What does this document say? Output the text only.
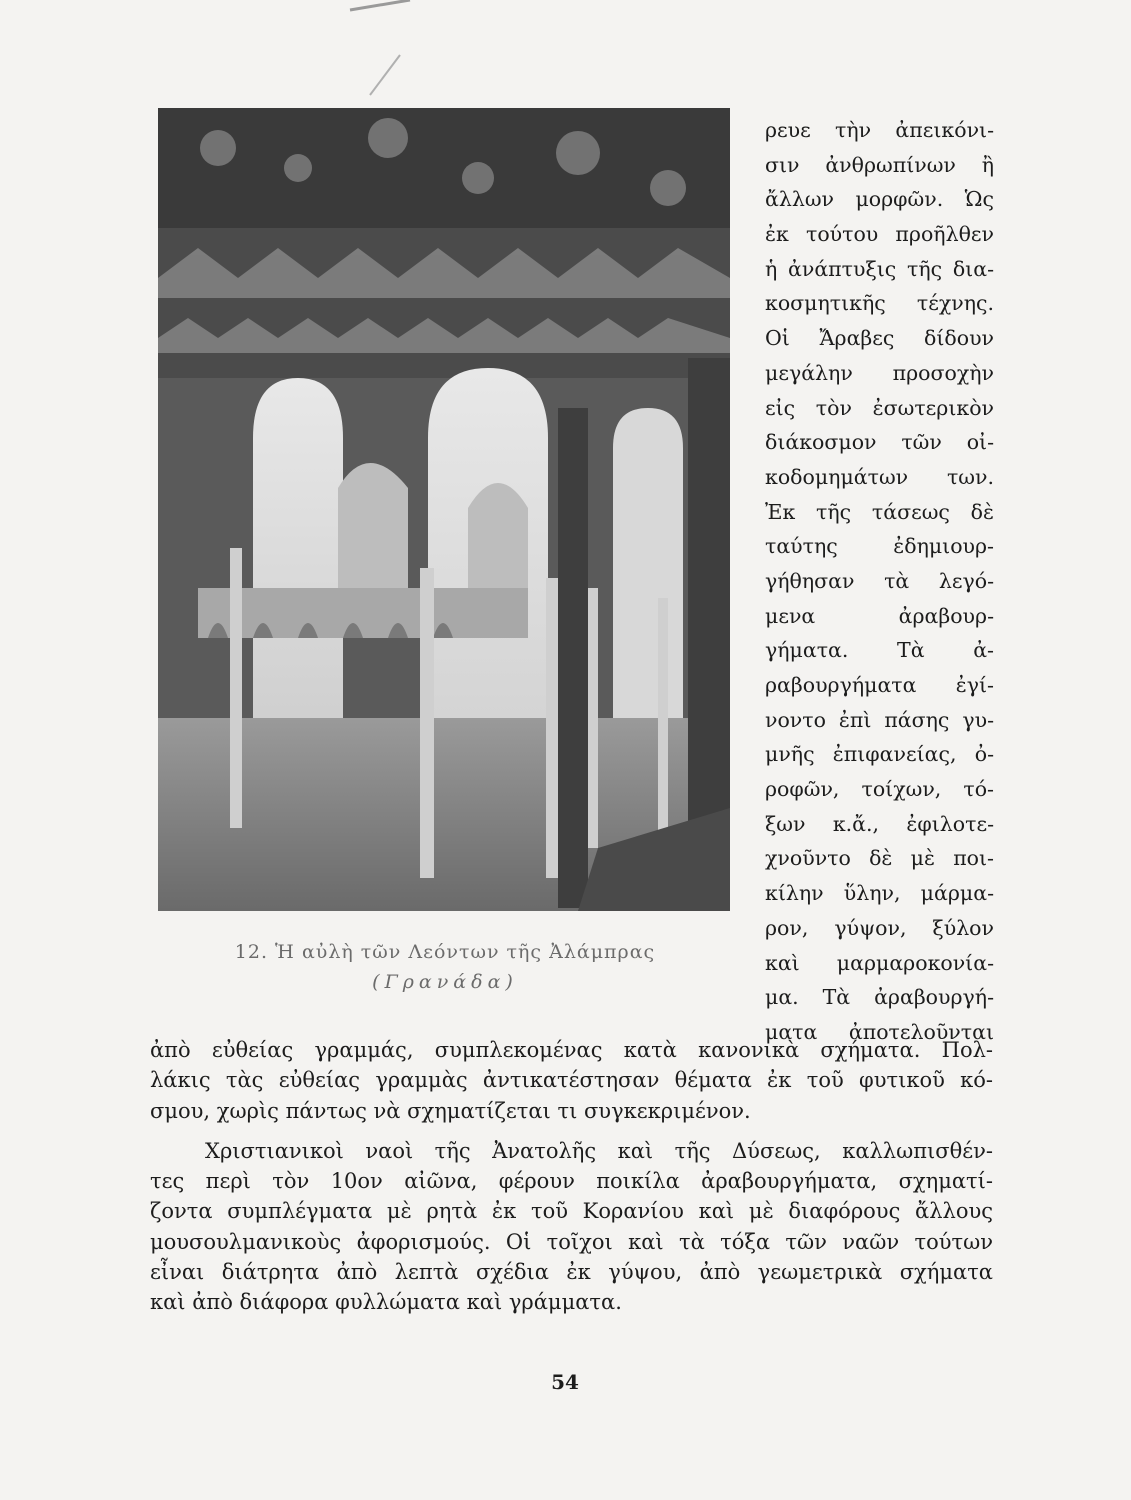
12. Ἡ αὐλὴ τῶν Λεόντων τῆς Ἀλάμπρας
(Γρανάδα)
ρευε τὴν ἀπεικόνι-
σιν ἀνθρωπίνων ἢ
ἄλλων μορφῶν. Ὡς
ἐκ τούτου προῆλθεν
ἡ ἀνάπτυξις τῆς δια-
κοσμητικῆς τέχνης.
Οἱ Ἄραβες δίδουν
μεγάλην προσοχὴν
εἰς τὸν ἐσωτερικὸν
διάκοσμον τῶν οἰ-
κοδομημάτων των.
Ἐκ τῆς τάσεως δὲ
ταύτης ἐδημιουρ-
γήθησαν τὰ λεγό-
μενα ἀραβουρ-
γήματα. Τὰ ἀ-
ραβουργήματα ἐγί-
νοντο ἐπὶ πάσης γυ-
μνῆς ἐπιφανείας, ὀ-
ροφῶν, τοίχων, τό-
ξων κ.ἄ., ἐφιλοτε-
χνοῦντο δὲ μὲ ποι-
κίλην ὕλην, μάρμα-
ρον, γύψον, ξύλον
καὶ μαρμαροκονία-
μα. Τὰ ἀραβουργή-
ματα ἀποτελοῦνται
ἀπὸ εὐθείας γραμμάς, συμπλεκομένας κατὰ κανονικὰ σχήματα. Πολ-
λάκις τὰς εὐθείας γραμμὰς ἀντικατέστησαν θέματα ἐκ τοῦ φυτικοῦ κό-
σμου, χωρὶς πάντως νὰ σχηματίζεται τι συγκεκριμένον.
Χριστιανικοὶ ναοὶ τῆς Ἀνατολῆς καὶ τῆς Δύσεως, καλλωπισθέν-
τες περὶ τὸν 10ον αἰῶνα, φέρουν ποικίλα ἀραβουργήματα, σχηματί-
ζοντα συμπλέγματα μὲ ρητὰ ἐκ τοῦ Κορανίου καὶ μὲ διαφόρους ἄλλους
μουσουλμανικοὺς ἀφορισμούς. Οἱ τοῖχοι καὶ τὰ τόξα τῶν ναῶν τούτων
εἶναι διάτρητα ἀπὸ λεπτὰ σχέδια ἐκ γύψου, ἀπὸ γεωμετρικὰ σχήματα
καὶ ἀπὸ διάφορα φυλλώματα καὶ γράμματα.
54
